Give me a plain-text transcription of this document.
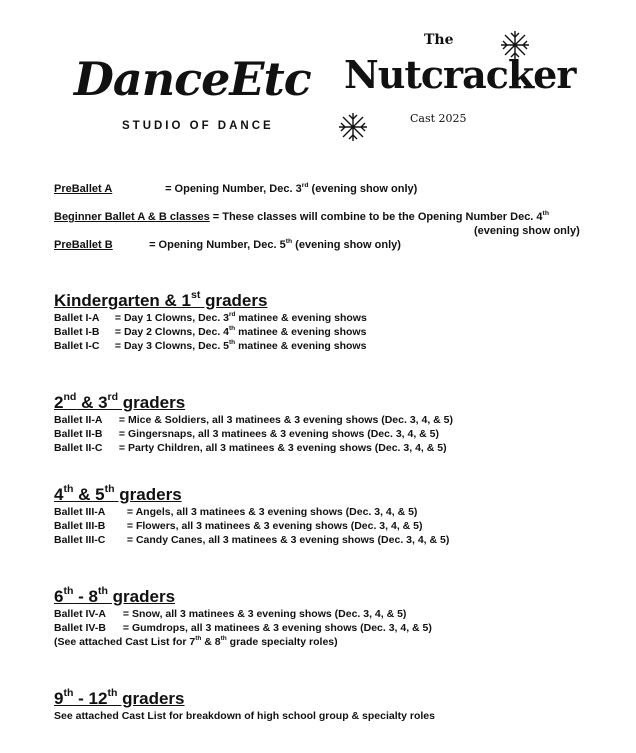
DanceEtc
STUDIO OF DANCE
The
Nutcracker
Cast 2025
PreBallet A	= Opening Number, Dec. 3rd (evening show only)
Beginner Ballet A & B classes = These classes will combine to be the Opening Number Dec. 4th
(evening show only)
PreBallet B	= Opening Number, Dec. 5th (evening show only)
Kindergarten & 1st graders
Ballet I-A = Day 1 Clowns, Dec. 3rd matinee & evening shows
Ballet I-B = Day 2 Clowns, Dec. 4th matinee & evening shows
Ballet I-C = Day 3 Clowns, Dec. 5th matinee & evening shows
2nd & 3rd graders
Ballet II-A = Mice & Soldiers, all 3 matinees & 3 evening shows (Dec. 3, 4, & 5)
Ballet II-B = Gingersnaps, all 3 matinees & 3 evening shows (Dec. 3, 4, & 5)
Ballet II-C = Party Children, all 3 matinees & 3 evening shows (Dec. 3, 4, & 5)
4th & 5th graders
Ballet III-A = Angels, all 3 matinees & 3 evening shows (Dec. 3, 4, & 5)
Ballet III-B = Flowers, all 3 matinees & 3 evening shows (Dec. 3, 4, & 5)
Ballet III-C = Candy Canes, all 3 matinees & 3 evening shows (Dec. 3, 4, & 5)
6th - 8th graders
Ballet IV-A = Snow, all 3 matinees & 3 evening shows (Dec. 3, 4, & 5)
Ballet IV-B = Gumdrops, all 3 matinees & 3 evening shows (Dec. 3, 4, & 5)
(See attached Cast List for 7th & 8th grade specialty roles)
9th - 12th graders
See attached Cast List for breakdown of high school group & specialty roles
